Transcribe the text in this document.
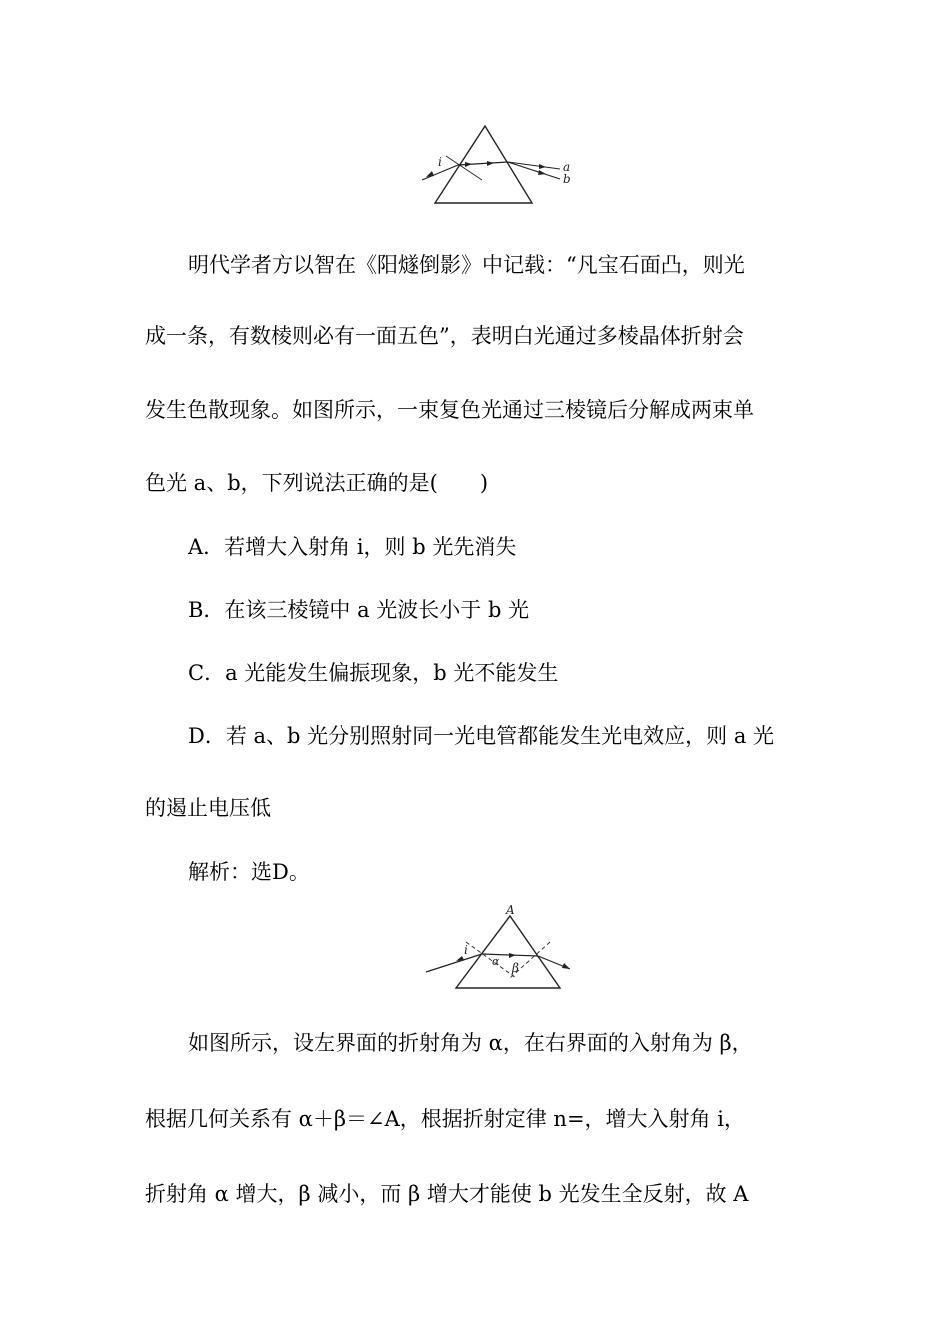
i	a
b
明代学者方以智在《阳燧倒影》中记载：“凡宝石面凸，则光
成一条，有数棱则必有一面五色”，表明白光通过多棱晶体折射会
发生色散现象。如图所示，一束复色光通过三棱镜后分解成两束单
色光 a、b，下列说法正确的是(　　)
A．若增大入射角 i，则 b 光先消失
B．在该三棱镜中 a 光波长小于 b 光
C．a 光能发生偏振现象，b 光不能发生
D．若 a、b 光分别照射同一光电管都能发生光电效应，则 a 光
的遏止电压低
解析：选D。
A
i
α β
如图所示，设左界面的折射角为 α，在右界面的入射角为 β，
根据几何关系有 α＋β＝∠A，根据折射定律 n=，增大入射角 i，
折射角 α 增大，β 减小，而 β 增大才能使 b 光发生全反射，故 A
